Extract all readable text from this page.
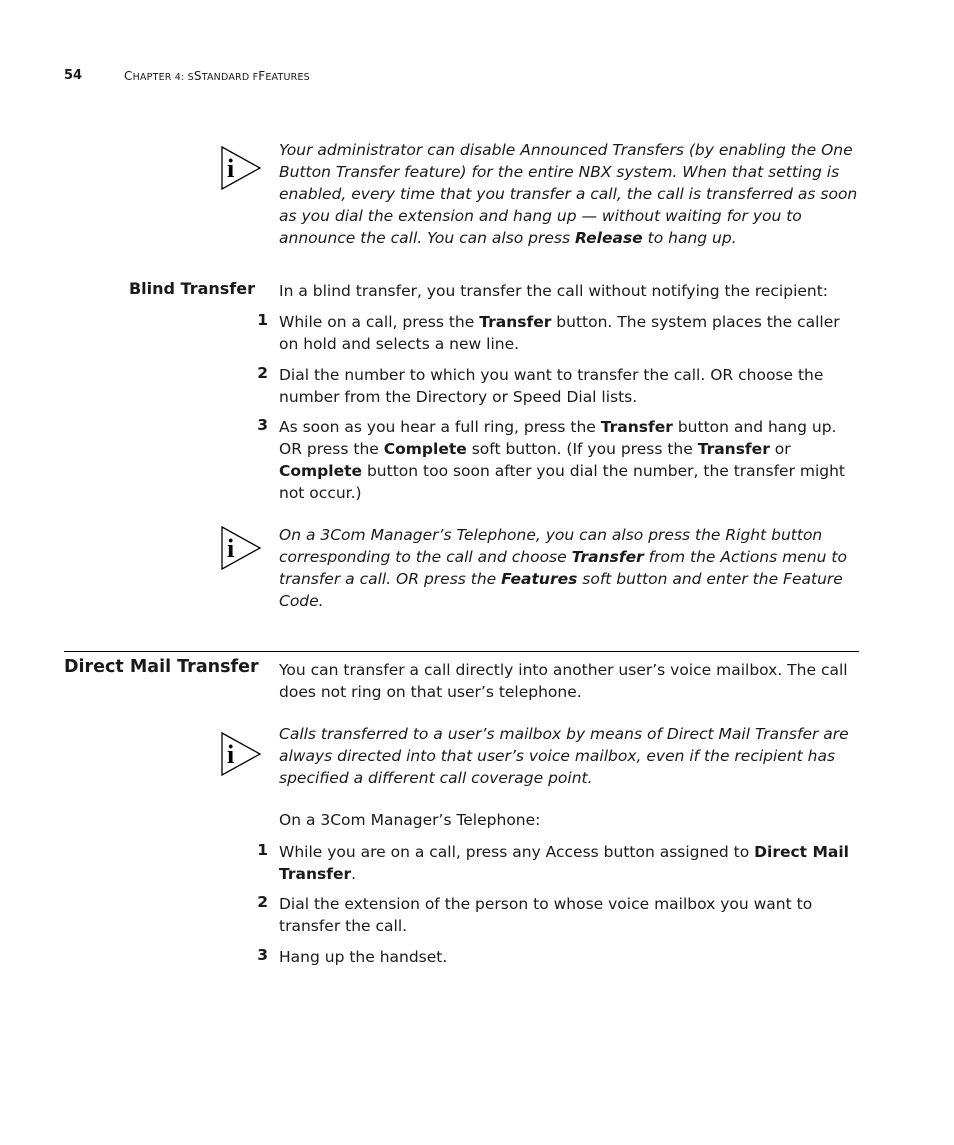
54	CHAPTER 4: SSTANDARD FFEATURES
i
Your administrator can disable Announced Transfers (by enabling the One Button Transfer feature) for the entire NBX system. When that setting is enabled, every time that you transfer a call, the call is transferred as soon as you dial the extension and hang up — without waiting for you to announce the call. You can also press Release to hang up.
Blind Transfer In a blind transfer, you transfer the call without notifying the recipient:
1 While on a call, press the Transfer button. The system places the caller on hold and selects a new line.
2 Dial the number to which you want to transfer the call. OR choose the number from the Directory or Speed Dial lists.
3 As soon as you hear a full ring, press the Transfer button and hang up. OR press the Complete soft button. (If you press the Transfer or Complete button too soon after you dial the number, the transfer might not occur.)
i	On a 3Com Manager’s Telephone, you can also press the Right button corresponding to the call and choose Transfer from the Actions menu to transfer a call. OR press the Features soft button and enter the Feature Code.
Direct Mail Transfer You can transfer a call directly into another user’s voice mailbox. The call does not ring on that user’s telephone.
i
Calls transferred to a user’s mailbox by means of Direct Mail Transfer are always directed into that user’s voice mailbox, even if the recipient has specified a different call coverage point.
On a 3Com Manager’s Telephone:
1 While you are on a call, press any Access button assigned to Direct Mail Transfer.
2 Dial the extension of the person to whose voice mailbox you want to transfer the call.
3 Hang up the handset.
